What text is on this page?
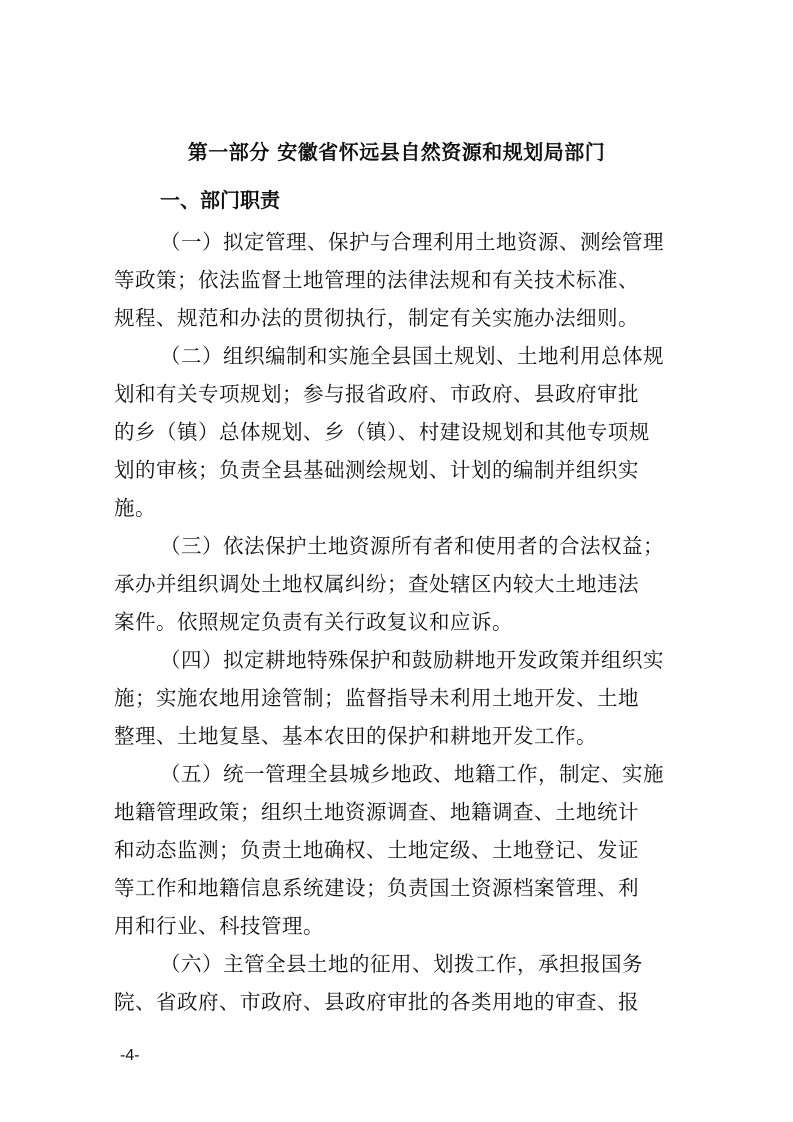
第一部分 安徽省怀远县自然资源和规划局部门
一、部门职责
（一）拟定管理、保护与合理利用土地资源、测绘管理
等政策；依法监督土地管理的法律法规和有关技术标准、
规程、规范和办法的贯彻执行，制定有关实施办法细则。
（二）组织编制和实施全县国土规划、土地利用总体规
划和有关专项规划；参与报省政府、市政府、县政府审批
的乡（镇）总体规划、乡（镇）、村建设规划和其他专项规
划的审核；负责全县基础测绘规划、计划的编制并组织实
施。
（三）依法保护土地资源所有者和使用者的合法权益；
承办并组织调处土地权属纠纷；查处辖区内较大土地违法
案件。依照规定负责有关行政复议和应诉。
（四）拟定耕地特殊保护和鼓励耕地开发政策并组织实
施；实施农地用途管制；监督指导未利用土地开发、土地
整理、土地复垦、基本农田的保护和耕地开发工作。
（五）统一管理全县城乡地政、地籍工作，制定、实施
地籍管理政策；组织土地资源调查、地籍调查、土地统计
和动态监测；负责土地确权、土地定级、土地登记、发证
等工作和地籍信息系统建设；负责国土资源档案管理、利
用和行业、科技管理。
（六）主管全县土地的征用、划拨工作，承担报国务
院、省政府、市政府、县政府审批的各类用地的审查、报
-4-
